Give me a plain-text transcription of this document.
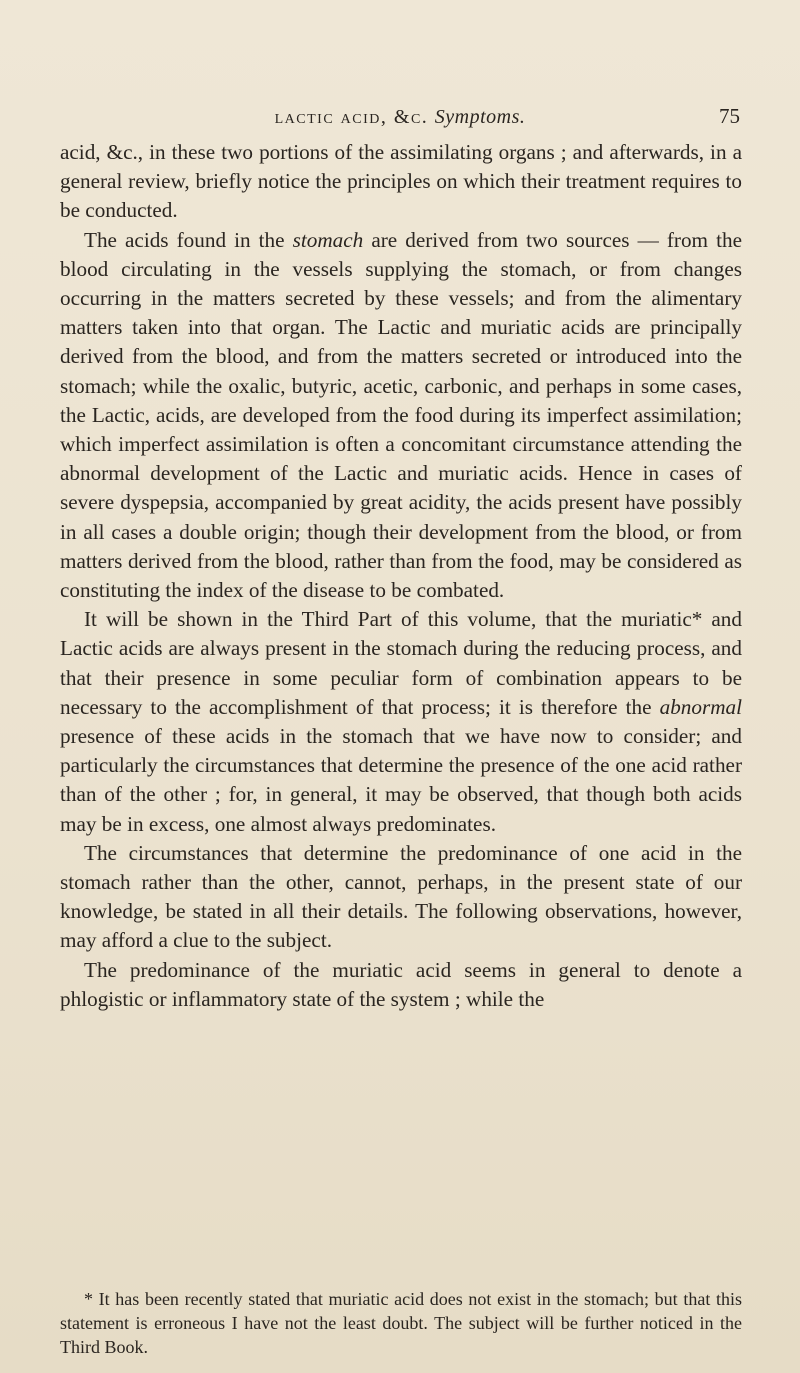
lactic acid, &c. Symptoms.	75

acid, &c., in these two portions of the assimilating organs ; and afterwards, in a general review, briefly notice the principles on which their treatment requires to be conducted.

The acids found in the stomach are derived from two sources — from the blood circulating in the vessels supplying the stomach, or from changes occurring in the matters secreted by these vessels; and from the alimentary matters taken into that organ. The Lactic and muriatic acids are principally derived from the blood, and from the matters secreted or introduced into the stomach; while the oxalic, butyric, acetic, carbonic, and perhaps in some cases, the Lactic, acids, are developed from the food during its imperfect assimilation; which imperfect assimilation is often a concomitant circumstance attending the abnormal development of the Lactic and muriatic acids. Hence in cases of severe dyspepsia, accompanied by great acidity, the acids present have possibly in all cases a double origin; though their development from the blood, or from matters derived from the blood, rather than from the food, may be considered as constituting the index of the disease to be combated.

It will be shown in the Third Part of this volume, that the muriatic* and Lactic acids are always present in the stomach during the reducing process, and that their presence in some peculiar form of combination appears to be necessary to the accomplishment of that process; it is therefore the abnormal presence of these acids in the stomach that we have now to consider; and particularly the circumstances that determine the presence of the one acid rather than of the other ; for, in general, it may be observed, that though both acids may be in excess, one almost always predominates.

The circumstances that determine the predominance of one acid in the stomach rather than the other, cannot, perhaps, in the present state of our knowledge, be stated in all their details. The following observations, however, may afford a clue to the subject.

The predominance of the muriatic acid seems in general to denote a phlogistic or inflammatory state of the system ; while the

* It has been recently stated that muriatic acid does not exist in the stomach; but that this statement is erroneous I have not the least doubt. The subject will be further noticed in the Third Book.
